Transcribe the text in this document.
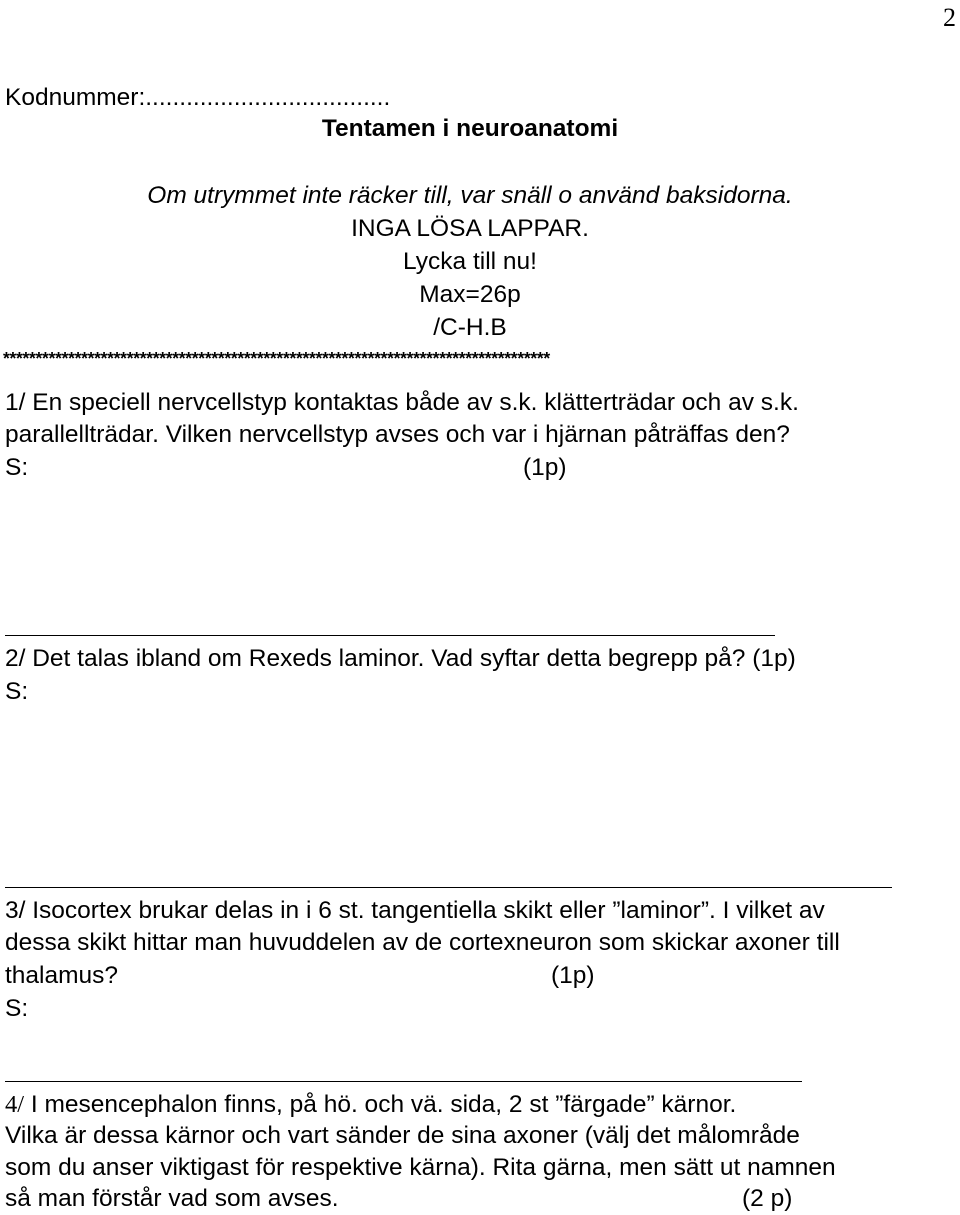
2
Kodnummer:....................................
Tentamen i neuroanatomi
Om utrymmet inte räcker till, var snäll o använd baksidorna.
INGA LÖSA LAPPAR.
Lycka till nu!
Max=26p
/C-H.B
************************************************************************************
1/ En speciell nervcellstyp kontaktas både av s.k. klätterträdar och av s.k.
parallellträdar. Vilken nervcellstyp avses och var i hjärnan påträffas den?
S:	(1p)
2/ Det talas ibland om Rexeds laminor. Vad syftar detta begrepp på? (1p)
S:
3/ Isocortex brukar delas in i 6 st. tangentiella skikt eller ”laminor”. I vilket av
dessa skikt hittar man huvuddelen av de cortexneuron som skickar axoner till
thalamus?	(1p)
S:
4/ I mesencephalon finns, på hö. och vä. sida, 2 st ”färgade” kärnor.
Vilka är dessa kärnor och vart sänder de sina axoner (välj det målområde
som du anser viktigast för respektive kärna). Rita gärna, men sätt ut namnen
så man förstår vad som avses.	(2 p)
